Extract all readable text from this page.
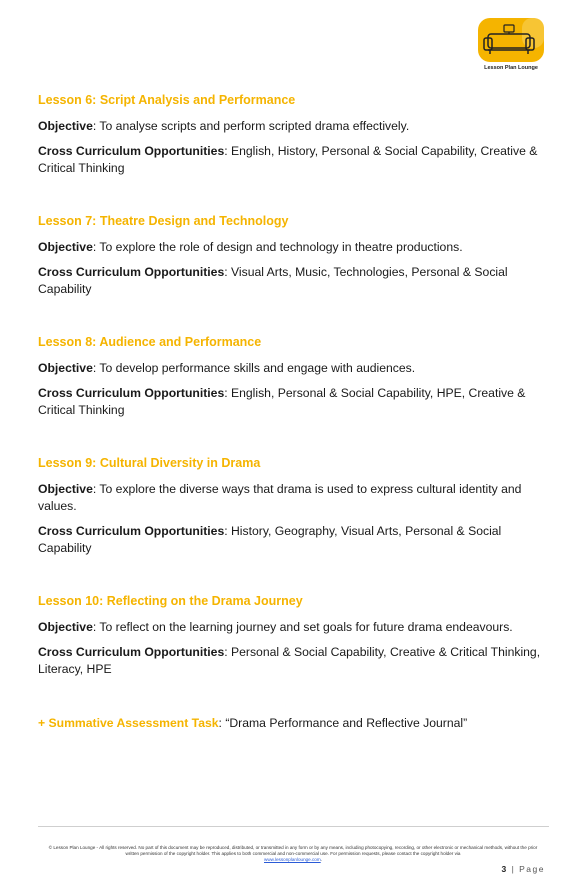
Lesson Plan Lounge
Lesson 6: Script Analysis and Performance

Objective: To analyse scripts and perform scripted drama effectively.

Cross Curriculum Opportunities: English, History, Personal & Social Capability, Creative & Critical Thinking

Lesson 7: Theatre Design and Technology

Objective: To explore the role of design and technology in theatre productions.

Cross Curriculum Opportunities: Visual Arts, Music, Technologies, Personal & Social Capability

Lesson 8: Audience and Performance

Objective: To develop performance skills and engage with audiences.

Cross Curriculum Opportunities: English, Personal & Social Capability, HPE, Creative & Critical Thinking

Lesson 9: Cultural Diversity in Drama

Objective: To explore the diverse ways that drama is used to express cultural identity and values.

Cross Curriculum Opportunities: History, Geography, Visual Arts, Personal & Social Capability

Lesson 10: Reflecting on the Drama Journey

Objective: To reflect on the learning journey and set goals for future drama endeavours.

Cross Curriculum Opportunities: Personal & Social Capability, Creative & Critical Thinking, Literacy, HPE

+ Summative Assessment Task: “Drama Performance and Reflective Journal”

© Lesson Plan Lounge - All rights reserved. No part of this document may be reproduced, distributed, or transmitted in any form or by any means, including photocopying, recording, or other electronic or mechanical methods, without the prior written permission of the copyright holder. This applies to both commercial and non-commercial use. For permission requests, please contact the copyright holder via
www.lessonplanlounge.com.
3 | Page
